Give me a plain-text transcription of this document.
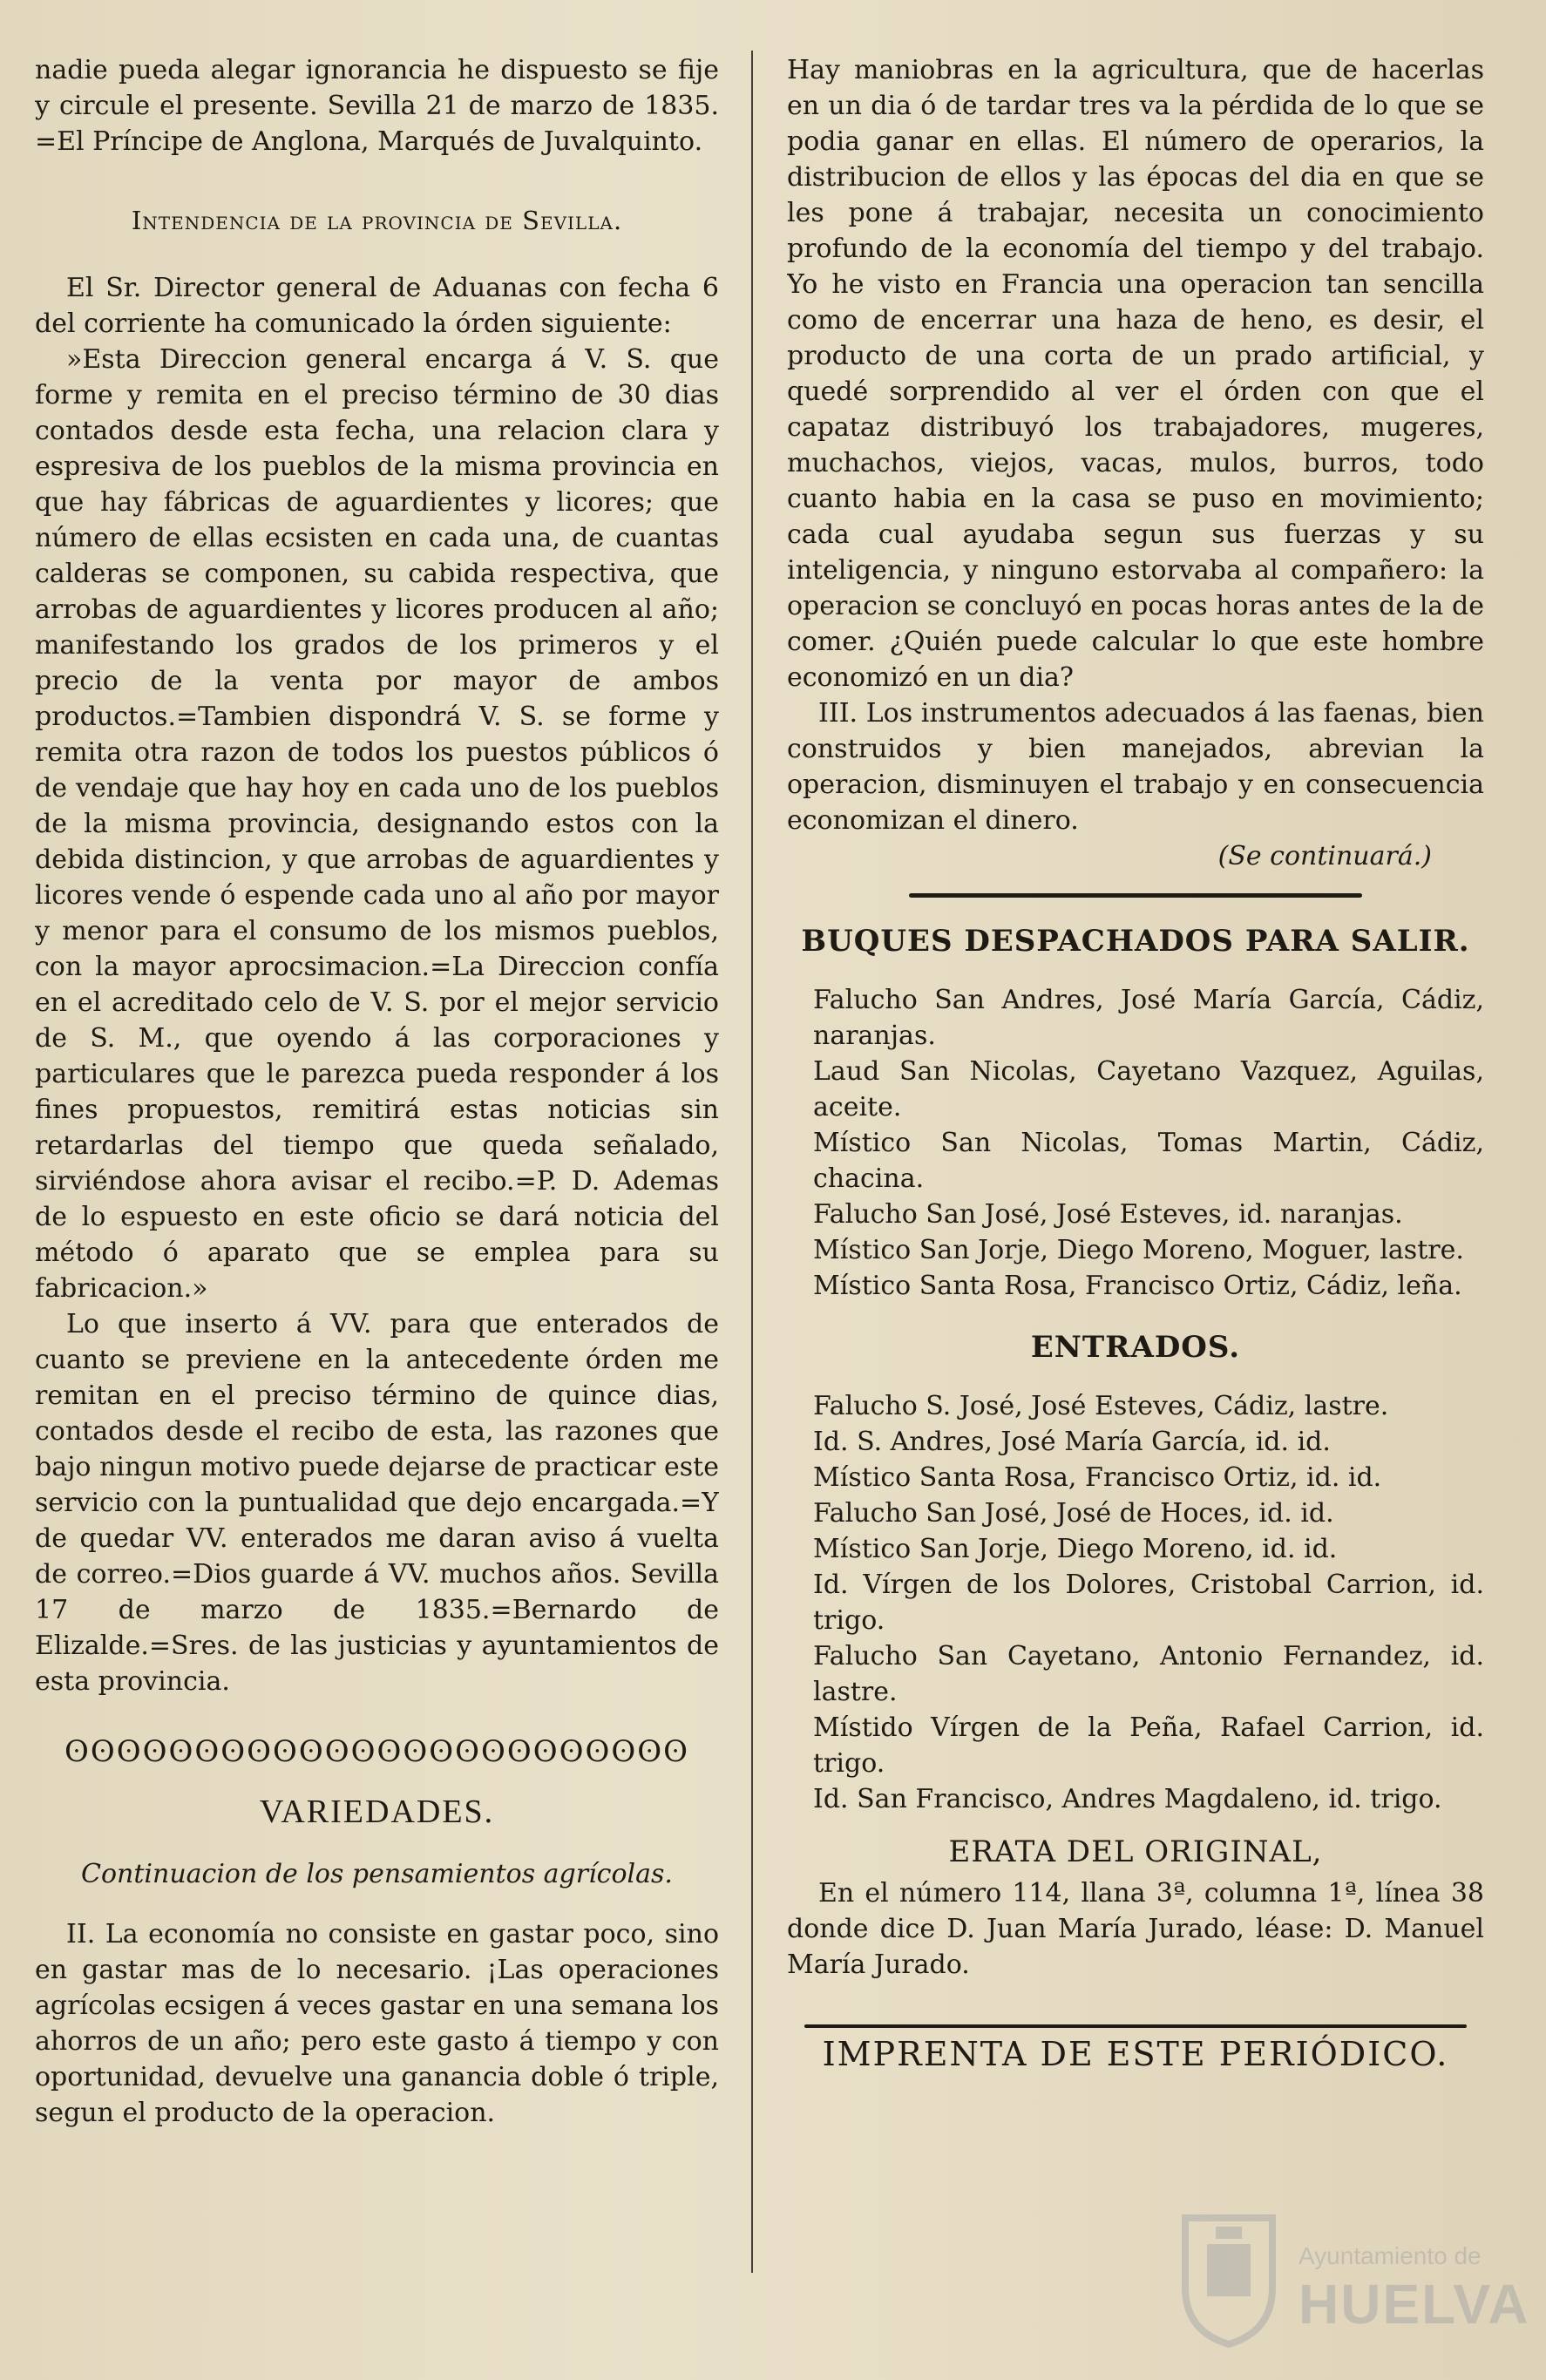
nadie pueda alegar ignorancia he dispuesto se fije y circule el presente. Sevilla 21 de marzo de 1835. =El Príncipe de Anglona, Marqués de Juvalquinto.

Intendencia de la provincia de Sevilla.

El Sr. Director general de Aduanas con fecha 6 del corriente ha comunicado la órden siguiente:

»Esta Direccion general encarga á V. S. que forme y remita en el preciso término de 30 dias contados desde esta fecha, una relacion clara y espresiva de los pueblos de la misma provincia en que hay fábricas de aguardientes y licores; que número de ellas ecsisten en cada una, de cuantas calderas se componen, su cabida respectiva, que arrobas de aguardientes y licores producen al año; manifestando los grados de los primeros y el precio de la venta por mayor de ambos productos.=Tambien dispondrá V. S. se forme y remita otra razon de todos los puestos públicos ó de vendaje que hay hoy en cada uno de los pueblos de la misma provincia, designando estos con la debida distincion, y que arrobas de aguardientes y licores vende ó espende cada uno al año por mayor y menor para el consumo de los mismos pueblos, con la mayor aprocsimacion.=La Direccion confía en el acreditado celo de V. S. por el mejor servicio de S. M., que oyendo á las corporaciones y particulares que le parezca pueda responder á los fines propuestos, remitirá estas noticias sin retardarlas del tiempo que queda señalado, sirviéndose ahora avisar el recibo.=P. D. Ademas de lo espuesto en este oficio se dará noticia del método ó aparato que se emplea para su fabricacion.»

Lo que inserto á VV. para que enterados de cuanto se previene en la antecedente órden me remitan en el preciso término de quince dias, contados desde el recibo de esta, las razones que bajo ningun motivo puede dejarse de practicar este servicio con la puntualidad que dejo encargada.=Y de quedar VV. enterados me daran aviso á vuelta de correo.=Dios guarde á VV. muchos años. Sevilla 17 de marzo de 1835.=Bernardo de Elizalde.=Sres. de las justicias y ayuntamientos de esta provincia.

ʘʘʘʘʘʘʘʘʘʘʘʘʘʘʘʘʘʘʘʘʘʘʘʘ
VARIEDADES.
Continuacion de los pensamientos agrícolas.

II. La economía no consiste en gastar poco, sino en gastar mas de lo necesario. ¡Las operaciones agrícolas ecsigen á veces gastar en una semana los ahorros de un año; pero este gasto á tiempo y con oportunidad, devuelve una ganancia doble ó triple, segun el producto de la operacion.

Hay maniobras en la agricultura, que de hacerlas en un dia ó de tardar tres va la pérdida de lo que se podia ganar en ellas. El número de operarios, la distribucion de ellos y las épocas del dia en que se les pone á trabajar, necesita un conocimiento profundo de la economía del tiempo y del trabajo. Yo he visto en Francia una operacion tan sencilla como de encerrar una haza de heno, es desir, el producto de una corta de un prado artificial, y quedé sorprendido al ver el órden con que el capataz distribuyó los trabajadores, mugeres, muchachos, viejos, vacas, mulos, burros, todo cuanto habia en la casa se puso en movimiento; cada cual ayudaba segun sus fuerzas y su inteligencia, y ninguno estorvaba al compañero: la operacion se concluyó en pocas horas antes de la de comer. ¿Quién puede calcular lo que este hombre economizó en un dia?

III. Los instrumentos adecuados á las faenas, bien construidos y bien manejados, abrevian la operacion, disminuyen el trabajo y en consecuencia economizan el dinero.

(Se continuará.)

BUQUES DESPACHADOS PARA SALIR.

Falucho San Andres, José María García, Cádiz, naranjas.

Laud San Nicolas, Cayetano Vazquez, Aguilas, aceite.

Místico San Nicolas, Tomas Martin, Cádiz, chacina.

Falucho San José, José Esteves, id. naranjas.

Místico San Jorje, Diego Moreno, Moguer, lastre.

Místico Santa Rosa, Francisco Ortiz, Cádiz, leña.

ENTRADOS.

Falucho S. José, José Esteves, Cádiz, lastre.

Id. S. Andres, José María García, id. id.

Místico Santa Rosa, Francisco Ortiz, id. id.

Falucho San José, José de Hoces, id. id.

Místico San Jorje, Diego Moreno, id. id.

Id. Vírgen de los Dolores, Cristobal Carrion, id. trigo.

Falucho San Cayetano, Antonio Fernandez, id. lastre.

Místido Vírgen de la Peña, Rafael Carrion, id. trigo.

Id. San Francisco, Andres Magdaleno, id. trigo.

ERATA DEL ORIGINAL,

En el número 114, llana 3ª, columna 1ª, línea 38 donde dice D. Juan María Jurado, léase: D. Manuel María Jurado.

IMPRENTA DE ESTE PERIÓDICO.
Ayuntamiento de
HUELVA
